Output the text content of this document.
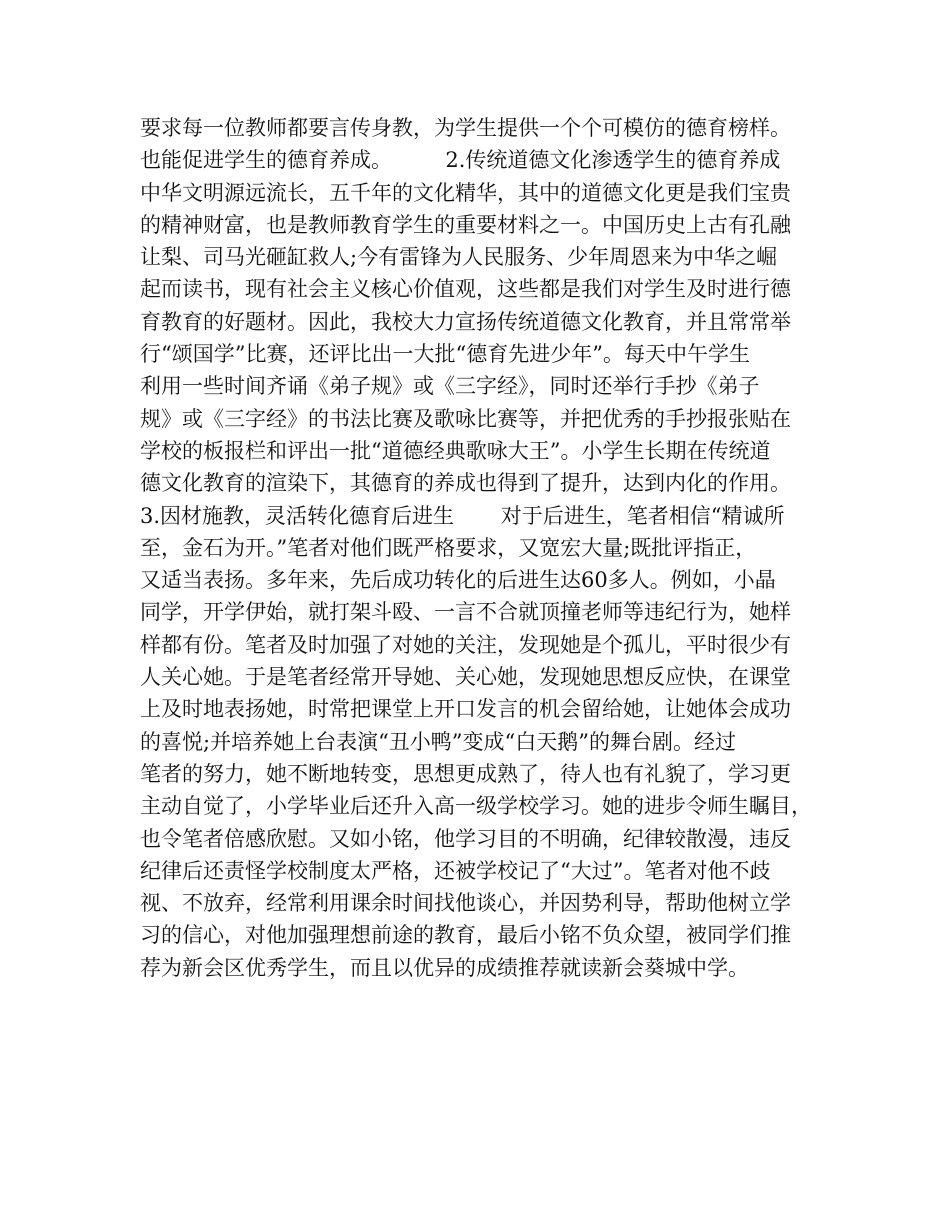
要求每一位教师都要言传身教，为学生提供一个个可模仿的德育榜样。
也能促进学生的德育养成。        2.传统道德文化渗透学生的德育养成
中华文明源远流长，五千年的文化精华，其中的道德文化更是我们宝贵
的精神财富，也是教师教育学生的重要材料之一。中国历史上古有孔融
让梨、司马光砸缸救人;今有雷锋为人民服务、少年周恩来为中华之崛
起而读书，现有社会主义核心价值观，这些都是我们对学生及时进行德
育教育的好题材。因此，我校大力宣扬传统道德文化教育，并且常常举
行“颂国学”比赛，还评比出一大批“德育先进少年”。每天中午学生
利用一些时间齐诵《弟子规》或《三字经》，同时还举行手抄《弟子
规》或《三字经》的书法比赛及歌咏比赛等，并把优秀的手抄报张贴在
学校的板报栏和评出一批“道德经典歌咏大王”。小学生长期在传统道
德文化教育的渲染下，其德育的养成也得到了提升，达到内化的作用。
3.因材施教，灵活转化德育后进生       对于后进生，笔者相信“精诚所
至，金石为开。”笔者对他们既严格要求，又宽宏大量;既批评指正，
又适当表扬。多年来，先后成功转化的后进生达60多人。例如，小晶
同学，开学伊始，就打架斗殴、一言不合就顶撞老师等违纪行为，她样
样都有份。笔者及时加强了对她的关注，发现她是个孤儿，平时很少有
人关心她。于是笔者经常开导她、关心她，发现她思想反应快，在课堂
上及时地表扬她，时常把课堂上开口发言的机会留给她，让她体会成功
的喜悦;并培养她上台表演“丑小鸭”变成“白天鹅”的舞台剧。经过
笔者的努力，她不断地转变，思想更成熟了，待人也有礼貌了，学习更
主动自觉了，小学毕业后还升入高一级学校学习。她的进步令师生瞩目，
也令笔者倍感欣慰。又如小铭，他学习目的不明确，纪律较散漫，违反
纪律后还责怪学校制度太严格，还被学校记了“大过”。笔者对他不歧
视、不放弃，经常利用课余时间找他谈心，并因势利导，帮助他树立学
习的信心，对他加强理想前途的教育，最后小铭不负众望，被同学们推
荐为新会区优秀学生，而且以优异的成绩推荐就读新会葵城中学。
